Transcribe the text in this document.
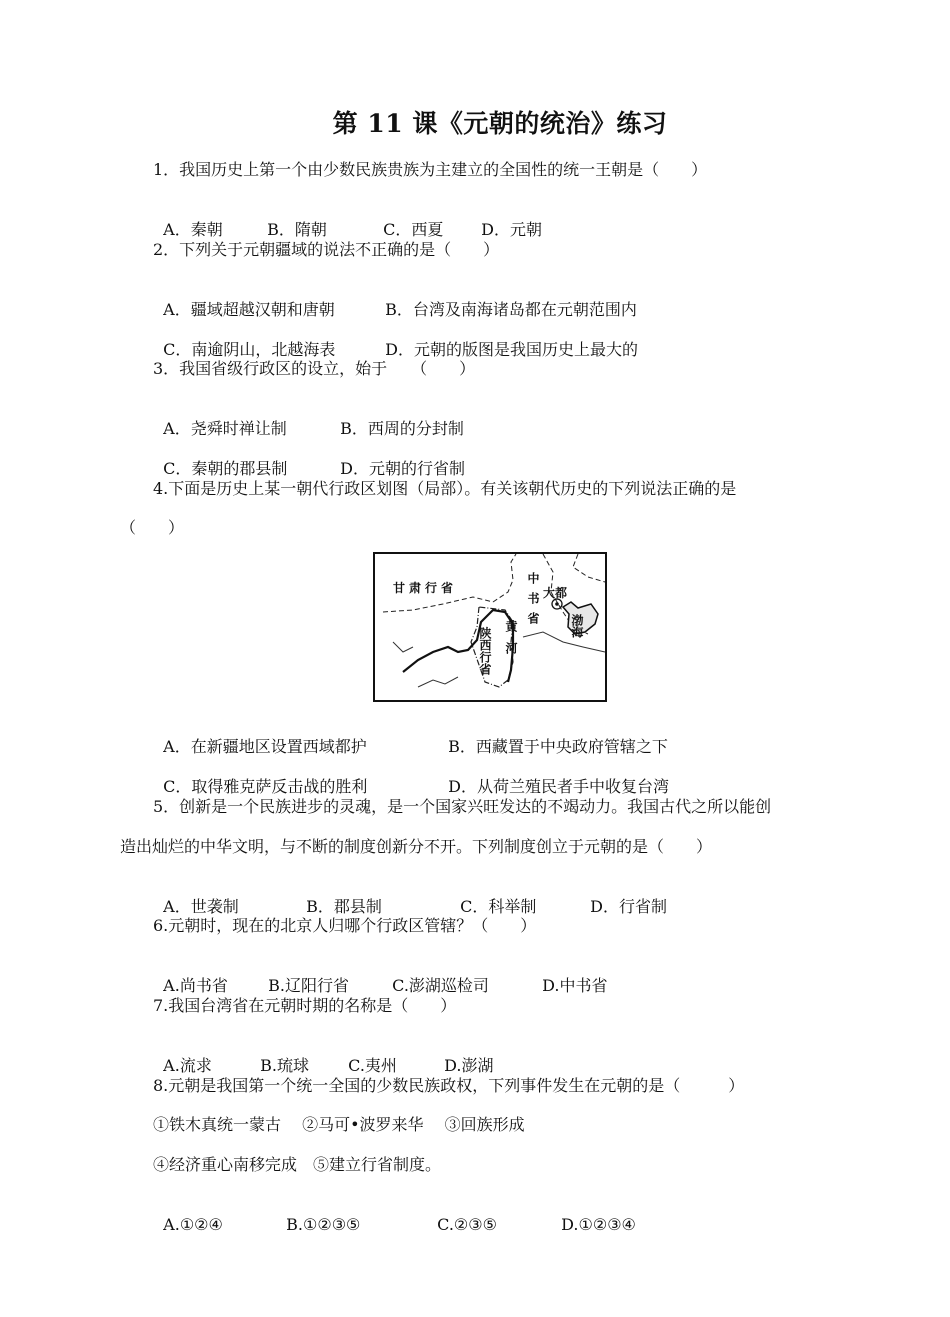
第 11 课《元朝的统治》练习
1．我国历史上第一个由少数民族贵族为主建立的全国性的统一王朝是（　　）

A．秦朝	B．隋朝	C．西夏 D．元朝

2．下列关于元朝疆域的说法不正确的是（　　）

A．疆域超越汉朝和唐朝	B．台湾及南海诸岛都在元朝范围内

C．南逾阴山，北越海表	D．元朝的版图是我国历史上最大的

3．我国省级行政区的设立，始于　　（　　）

A．尧舜时禅让制	B．西周的分封制

C．秦朝的郡县制	D．元朝的行省制

4.下面是历史上某一朝代行政区划图（局部）。有关该朝代历史的下列说法正确的是
（　　）
甘肃行省
陕西行省
中书省 大都
黄河	渤海

A．在新疆地区设置西域都护	B．西藏置于中央政府管辖之下

C．取得雅克萨反击战的胜利	D．从荷兰殖民者手中收复台湾

5．创新是一个民族进步的灵魂，是一个国家兴旺发达的不竭动力。我国古代之所以能创
造出灿烂的中华文明，与不断的制度创新分不开。下列制度创立于元朝的是（　　）

A．世袭制	B．郡县制	C．科举制	D．行省制

6.元朝时，现在的北京人归哪个行政区管辖？（　　）

A.尚书省	B.辽阳行省	C.澎湖巡检司	D.中书省

7.我国台湾省在元朝时期的名称是（　　）

A.流求	B.琉球 C.夷州	D.澎湖

8.元朝是我国第一个统一全国的少数民族政权，下列事件发生在元朝的是（　　　）
①铁木真统一蒙古　 ②马可•波罗来华　 ③回族形成
④经济重心南移完成　⑤建立行省制度。

A.①②④	B.①②③⑤	C.②③⑤	D.①②③④
